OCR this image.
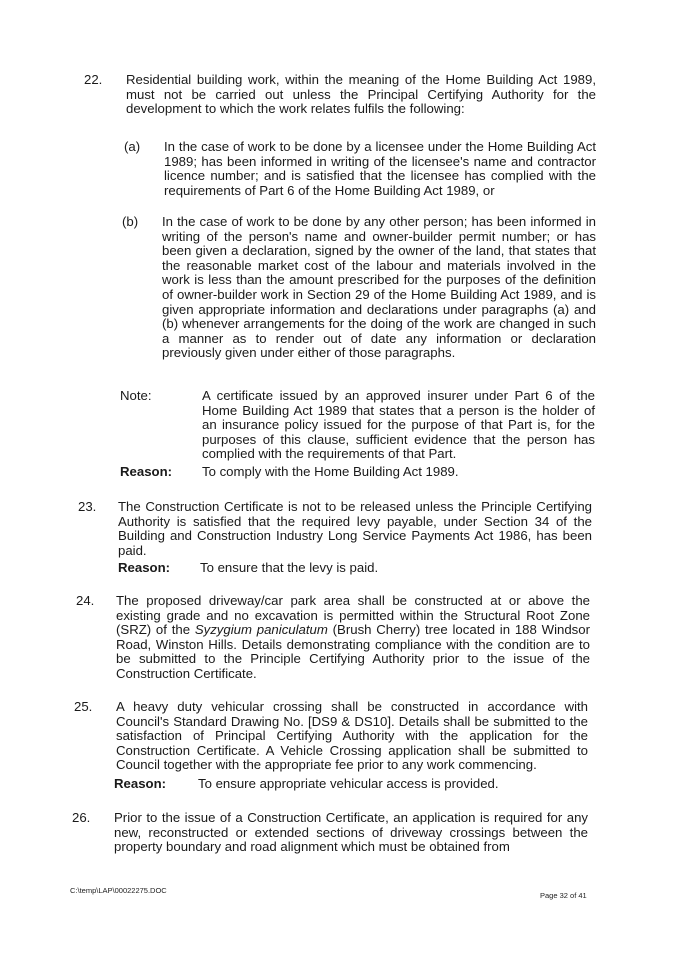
22. Residential building work, within the meaning of the Home Building Act 1989, must not be carried out unless the Principal Certifying Authority for the development to which the work relates fulfils the following:
(a) In the case of work to be done by a licensee under the Home Building Act 1989; has been informed in writing of the licensee's name and contractor licence number; and is satisfied that the licensee has complied with the requirements of Part 6 of the Home Building Act 1989, or
(b) In the case of work to be done by any other person; has been informed in writing of the person's name and owner-builder permit number; or has been given a declaration, signed by the owner of the land, that states that the reasonable market cost of the labour and materials involved in the work is less than the amount prescribed for the purposes of the definition of owner-builder work in Section 29 of the Home Building Act 1989, and is given appropriate information and declarations under paragraphs (a) and (b) whenever arrangements for the doing of the work are changed in such a manner as to render out of date any information or declaration previously given under either of those paragraphs.
Note:	A certificate issued by an approved insurer under Part 6 of the Home Building Act 1989 that states that a person is the holder of an insurance policy issued for the purpose of that Part is, for the purposes of this clause, sufficient evidence that the person has complied with the requirements of that Part.
Reason: To comply with the Home Building Act 1989.
23. The Construction Certificate is not to be released unless the Principle Certifying Authority is satisfied that the required levy payable, under Section 34 of the Building and Construction Industry Long Service Payments Act 1986, has been paid.
Reason: To ensure that the levy is paid.
24. The proposed driveway/car park area shall be constructed at or above the existing grade and no excavation is permitted within the Structural Root Zone (SRZ) of the Syzygium paniculatum (Brush Cherry) tree located in 188 Windsor Road, Winston Hills. Details demonstrating compliance with the condition are to be submitted to the Principle Certifying Authority prior to the issue of the Construction Certificate.
25. A heavy duty vehicular crossing shall be constructed in accordance with Council's Standard Drawing No. [DS9 & DS10]. Details shall be submitted to the satisfaction of Principal Certifying Authority with the application for the Construction Certificate. A Vehicle Crossing application shall be submitted to Council together with the appropriate fee prior to any work commencing.
Reason: To ensure appropriate vehicular access is provided.
26. Prior to the issue of a Construction Certificate, an application is required for any new, reconstructed or extended sections of driveway crossings between the property boundary and road alignment which must be obtained from
C:\temp\LAP\00022275.DOC
Page 32 of 41
